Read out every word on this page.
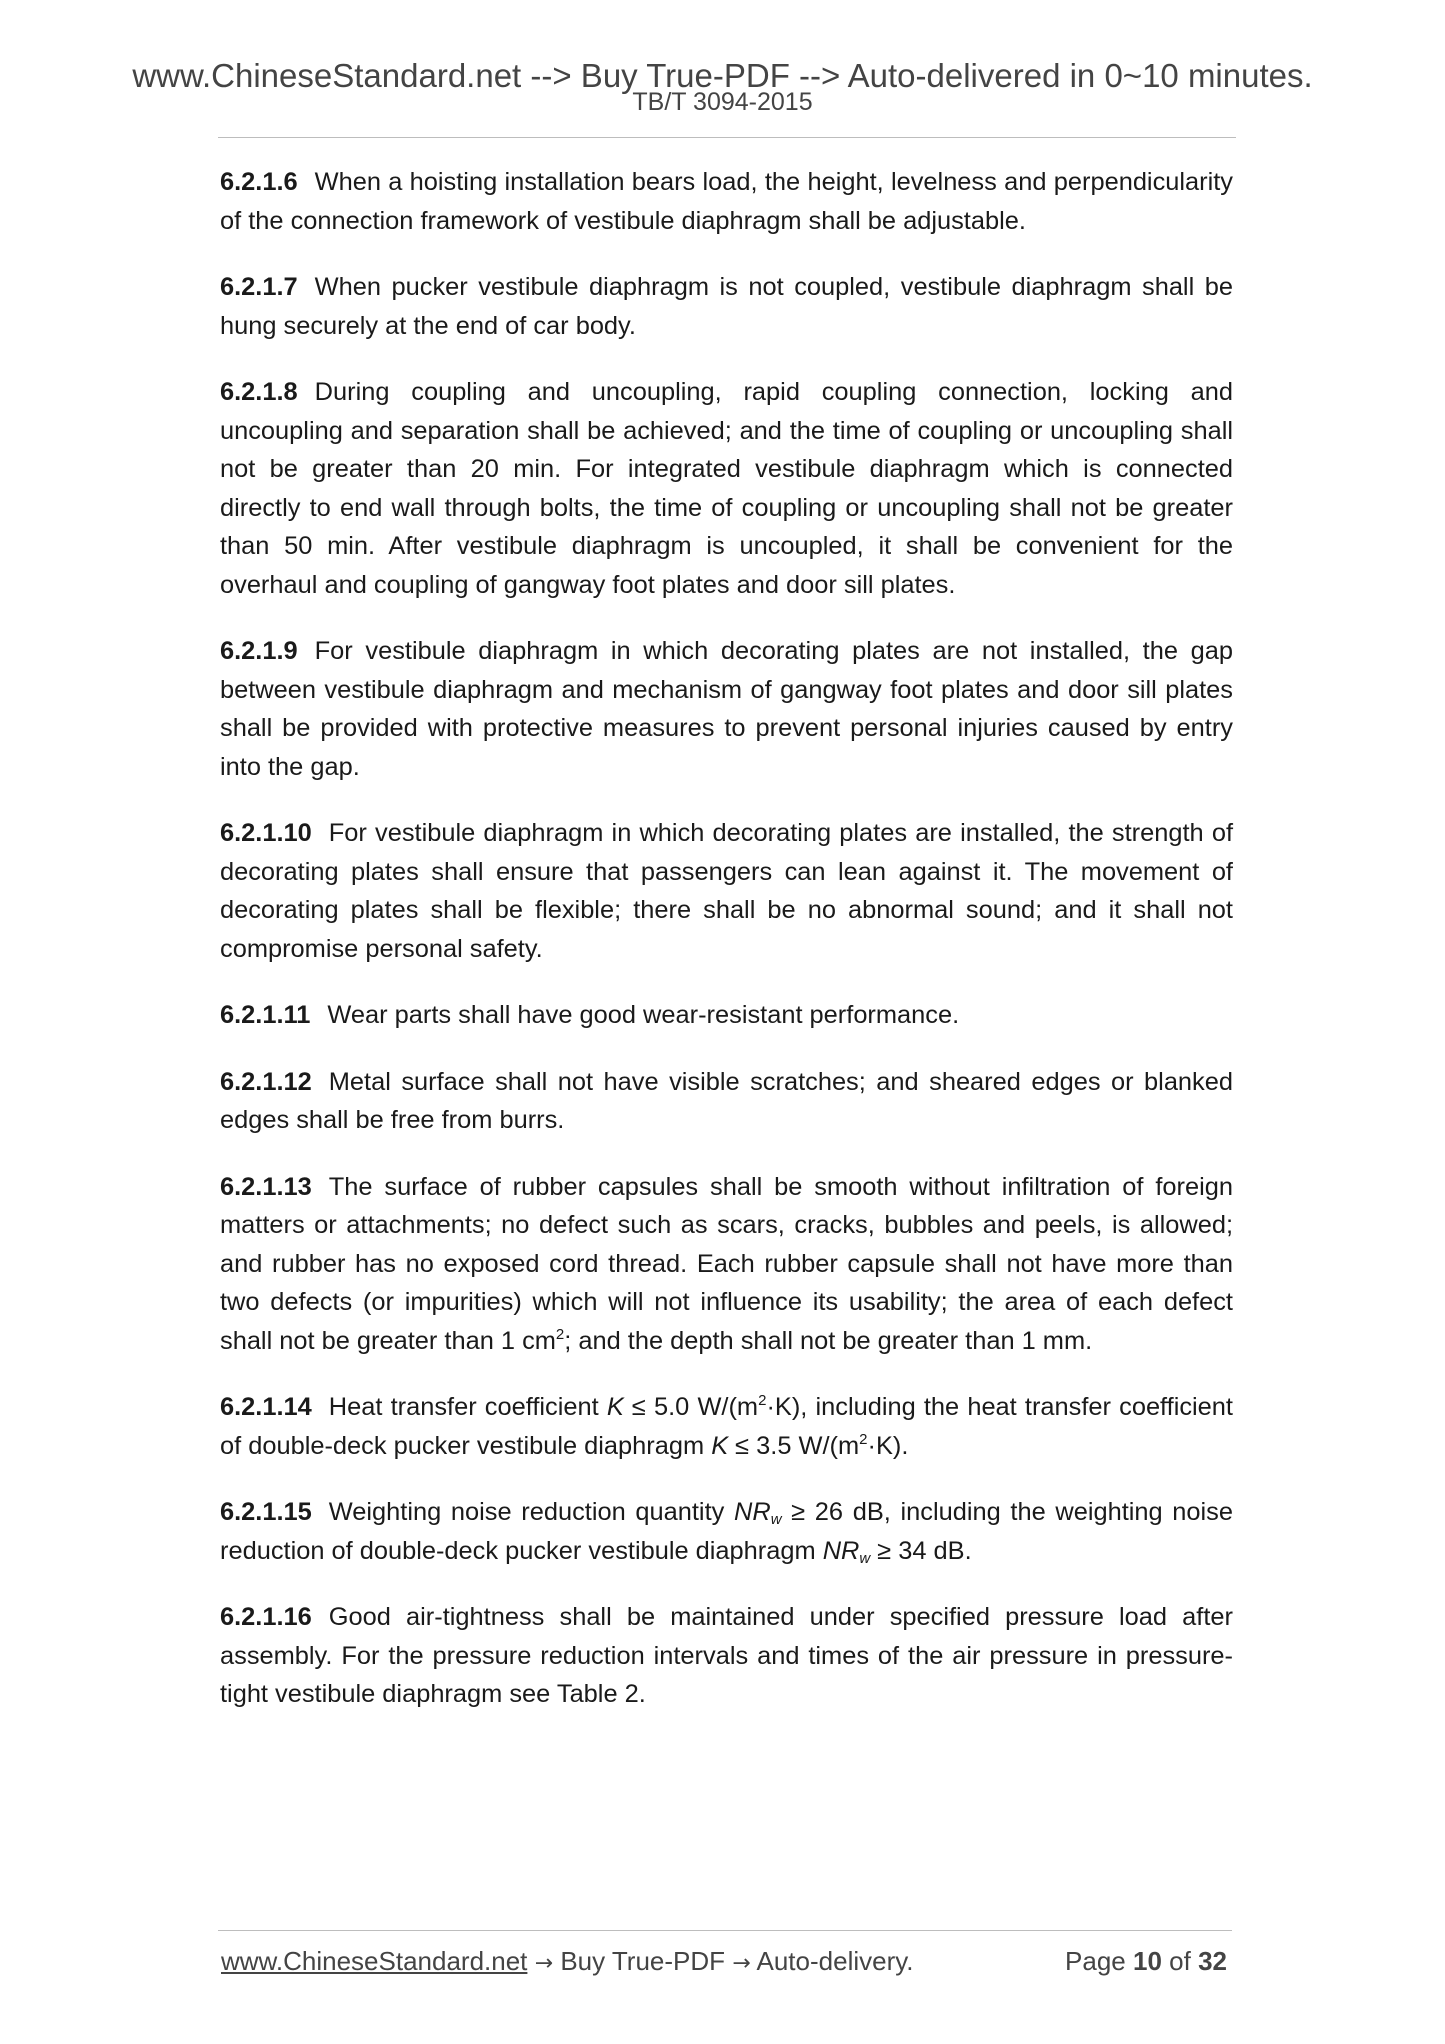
www.ChineseStandard.net --> Buy True-PDF --> Auto-delivered in 0~10 minutes.
TB/T 3094-2015

6.2.1.6 When a hoisting installation bears load, the height, levelness and perpendicularity of the connection framework of vestibule diaphragm shall be adjustable.

6.2.1.7 When pucker vestibule diaphragm is not coupled, vestibule diaphragm shall be hung securely at the end of car body.

6.2.1.8 During coupling and uncoupling, rapid coupling connection, locking and uncoupling and separation shall be achieved; and the time of coupling or uncoupling shall not be greater than 20 min. For integrated vestibule diaphragm which is connected directly to end wall through bolts, the time of coupling or uncoupling shall not be greater than 50 min. After vestibule diaphragm is uncoupled, it shall be convenient for the overhaul and coupling of gangway foot plates and door sill plates.

6.2.1.9 For vestibule diaphragm in which decorating plates are not installed, the gap between vestibule diaphragm and mechanism of gangway foot plates and door sill plates shall be provided with protective measures to prevent personal injuries caused by entry into the gap.

6.2.1.10 For vestibule diaphragm in which decorating plates are installed, the strength of decorating plates shall ensure that passengers can lean against it. The movement of decorating plates shall be flexible; there shall be no abnormal sound; and it shall not compromise personal safety.

6.2.1.11 Wear parts shall have good wear-resistant performance.

6.2.1.12 Metal surface shall not have visible scratches; and sheared edges or blanked edges shall be free from burrs.

6.2.1.13 The surface of rubber capsules shall be smooth without infiltration of foreign matters or attachments; no defect such as scars, cracks, bubbles and peels, is allowed; and rubber has no exposed cord thread. Each rubber capsule shall not have more than two defects (or impurities) which will not influence its usability; the area of each defect shall not be greater than 1 $cm^2$; and the depth shall not be greater than 1 mm.

6.2.1.14 Heat transfer coefficient K ≤ 5.0 $W/(m^2\cdot K)$, including the heat transfer coefficient of double-deck pucker vestibule diaphragm K ≤ 3.5 $W/(m^2\cdot K)$.

6.2.1.15 Weighting noise reduction quantity $NR_w \ge 26$ dB, including the weighting noise reduction of double-deck pucker vestibule diaphragm $NR_w \ge 34$ dB.

6.2.1.16 Good air-tightness shall be maintained under specified pressure load after assembly. For the pressure reduction intervals and times of the air pressure in pressure-tight vestibule diaphragm see Table 2.

www.ChineseStandard.net → Buy True-PDF → Auto-delivery.	Page 10 of 32
